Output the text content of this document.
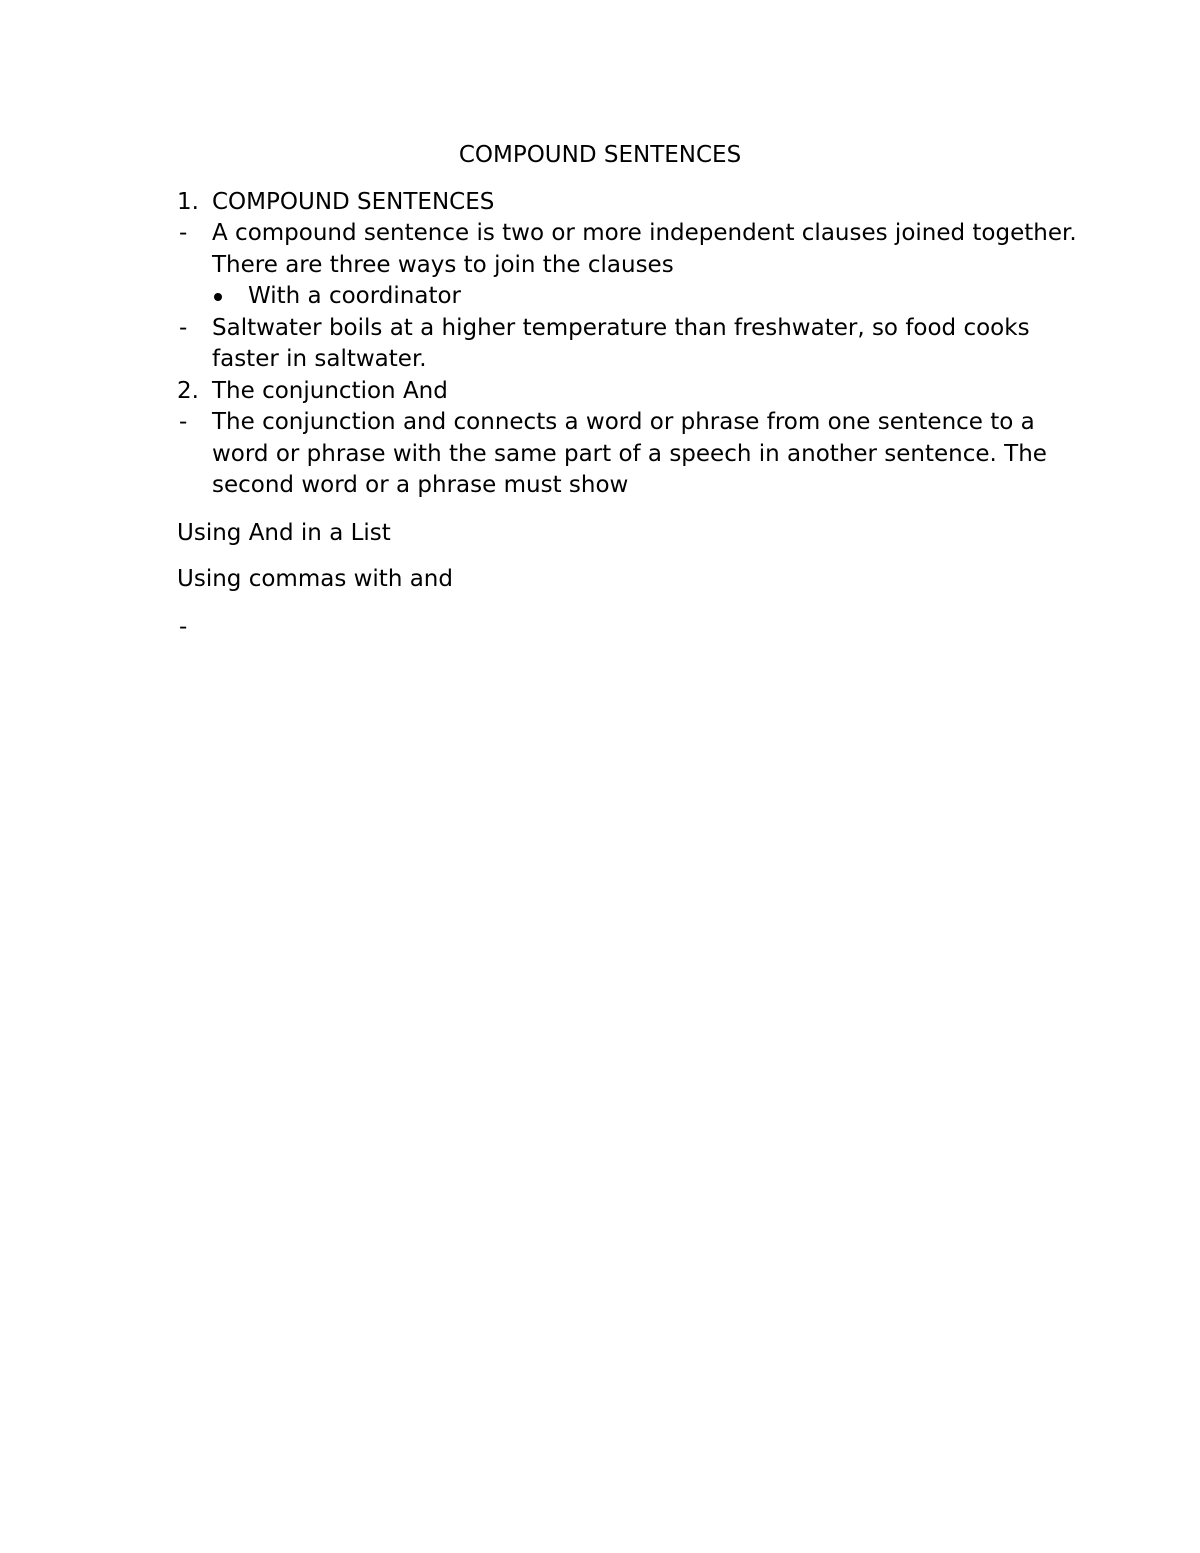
COMPOUND SENTENCES
1. COMPOUND SENTENCES
-	A compound sentence is two or more independent clauses joined together. There are three ways to join the clauses
With a coordinator
-	Saltwater boils at a higher temperature than freshwater, so food cooks faster in saltwater.
2. The conjunction And
-	The conjunction and connects a word or phrase from one sentence to a word or phrase with the same part of a speech in another sentence. The second word or a phrase must show
Using And in a List
Using commas with and
-
